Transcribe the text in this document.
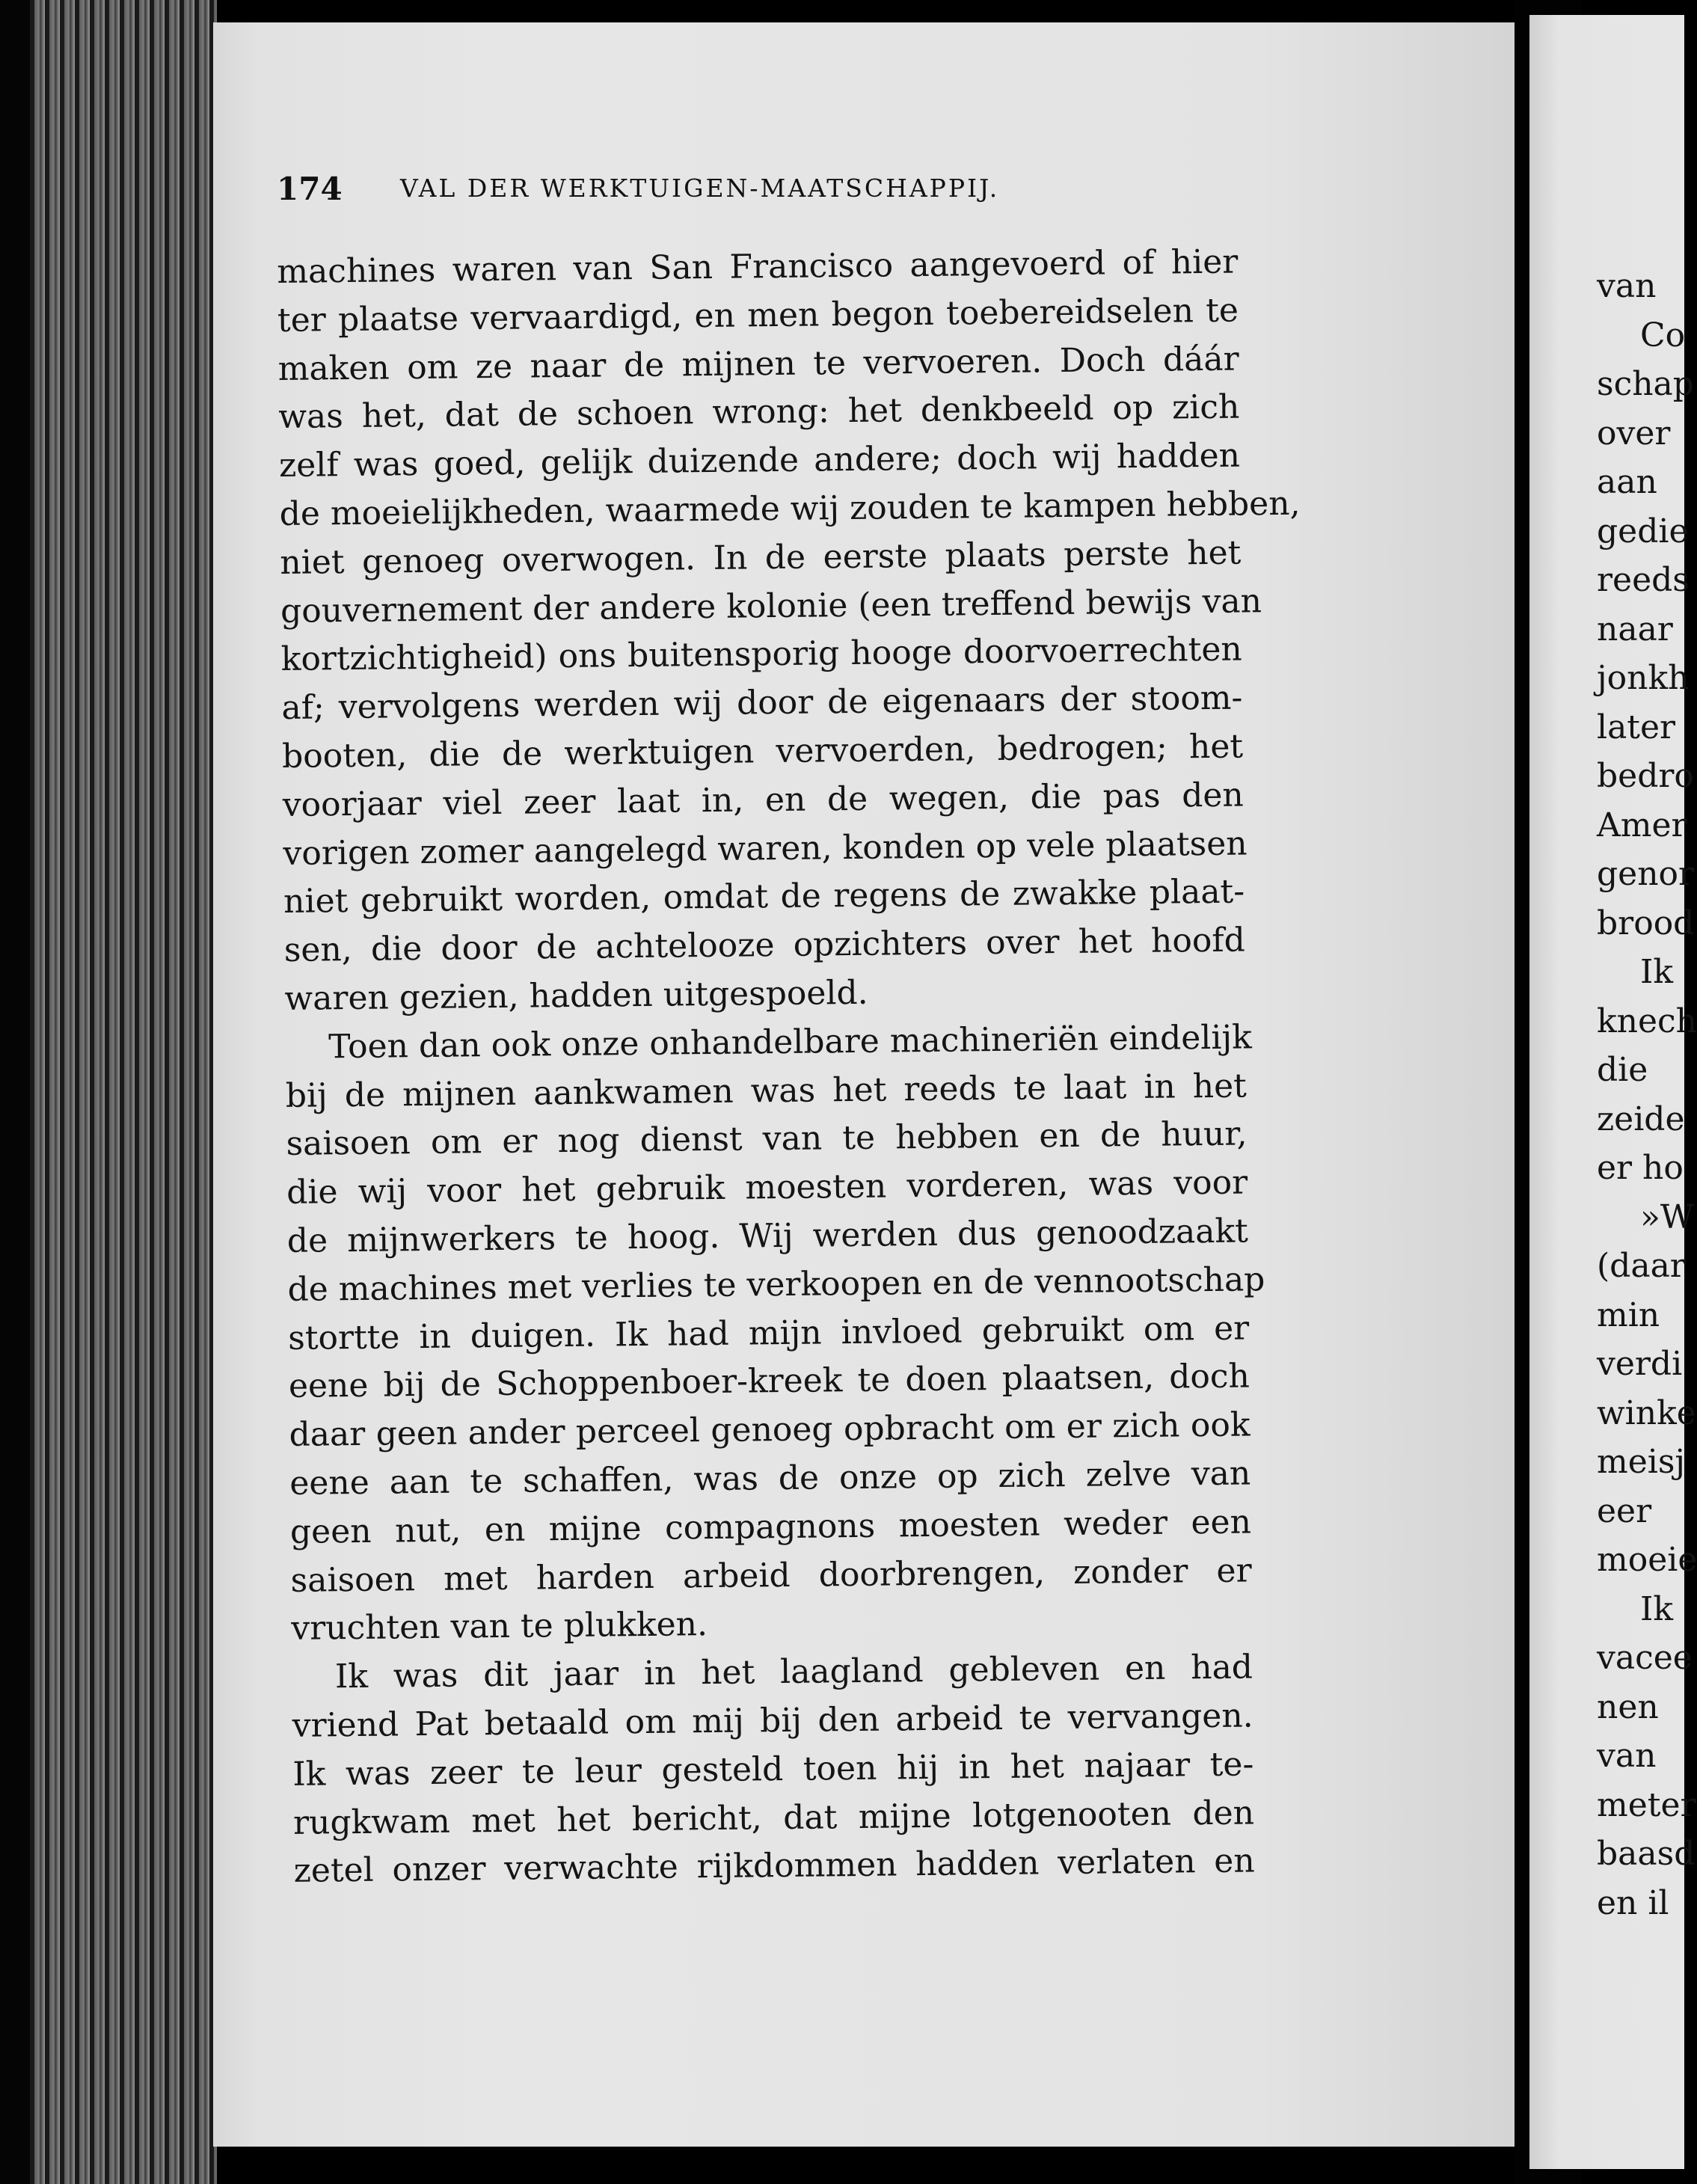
174 VAL DER WERKTUIGEN-MAATSCHAPPIJ.
machines waren van San Francisco aangevoerd of hier
ter plaatse vervaardigd, en men begon toebereidselen te
maken om ze naar de mijnen te vervoeren. Doch dáár
was het, dat de schoen wrong: het denkbeeld op zich
zelf was goed, gelijk duizende andere; doch wij hadden
de moeielijkheden, waarmede wij zouden te kampen hebben,
niet genoeg overwogen. In de eerste plaats perste het
gouvernement der andere kolonie (een treffend bewijs van
kortzichtigheid) ons buitensporig hooge doorvoerrechten
af; vervolgens werden wij door de eigenaars der stoom-
booten, die de werktuigen vervoerden, bedrogen; het
voorjaar viel zeer laat in, en de wegen, die pas den
vorigen zomer aangelegd waren, konden op vele plaatsen
niet gebruikt worden, omdat de regens de zwakke plaat-
sen, die door de achtelooze opzichters over het hoofd
waren gezien, hadden uitgespoeld.
Toen dan ook onze onhandelbare machineriën eindelijk
bij de mijnen aankwamen was het reeds te laat in het
saisoen om er nog dienst van te hebben en de huur,
die wij voor het gebruik moesten vorderen, was voor
de mijnwerkers te hoog. Wij werden dus genoodzaakt
de machines met verlies te verkoopen en de vennootschap
stortte in duigen. Ik had mijn invloed gebruikt om er
eene bij de Schoppenboer-kreek te doen plaatsen, doch
daar geen ander perceel genoeg opbracht om er zich ook
eene aan te schaffen, was de onze op zich zelve van
geen nut, en mijne compagnons moesten weder een
saisoen met harden arbeid doorbrengen, zonder er
vruchten van te plukken.
Ik was dit jaar in het laagland gebleven en had
vriend Pat betaald om mij bij den arbeid te vervangen.
Ik was zeer te leur gesteld toen hij in het najaar te-
rugkwam met het bericht, dat mijne lotgenooten den
zetel onzer verwachte rijkdommen hadden verlaten en
van
Co
schap
over
aan
gedie
reeds
naar
jonkh
later
bedro
Amer
genor
brood
Ik
knech
die
zeide
er ho
»W
(daar
min
verdi
winke
meisj
eer
moeie
Ik
vacee
nen
van
meter
baasd
en il
